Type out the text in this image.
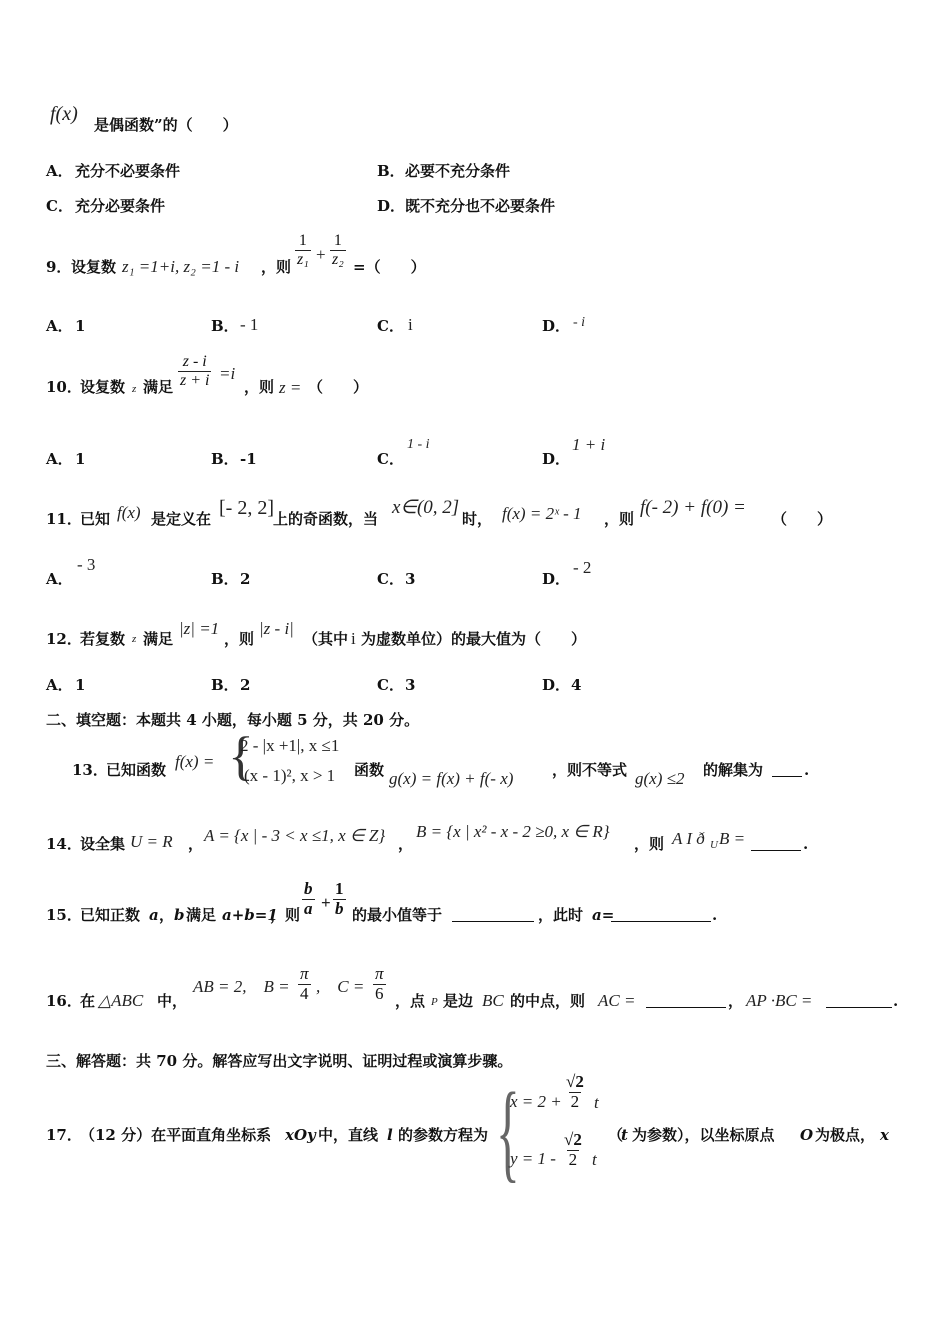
f(x) 是偶函数”的（　　）
A． 充分不必要条件	B． 必要不充分条件
C． 充分必要条件	D． 既不充分也不必要条件
9． 设复数 z₁ =1+i, z₂ =1 - i ，则 $\frac{1}{\text{z₁}} + \frac{1}{\text{z₂}}$ =（　　）
A． 1	B． - 1	C． i	D． - i
10．
设复数 z 满足 $\frac{z - i}{z + i} =i$
，则 z = （　　）
A． 1	B． -1	C．
1 - i
D．
1 + i
11．
已知 f(x) 是定义在 [- 2, 2] 上的奇函数，当
x∈(0, 2]
时， f(x) = 2ˣ - 1 ，则
f(- 2) + f(0) =
（　　）
A．
- 3
B． 2	C． 3	D．
- 2
12．
若复数 z 满足
|z| =1
，则
|z - i|
（其中 i 为虚数单位）的最大值为（　　）
A． 1	B． 2	C． 3	D． 4
二、填空题：本题共 4 小题，每小题 5 分，共 20 分。
13．
已知函数 f(x) = {
2 - |x +1|, x ≤1
(x - 1)², x > 1 函数 g(x) = f(x) + f(- x)	，则不等式 g(x) ≤2 的解集为	.
14．
设全集 U = R ， A = {x | - 3 < x ≤1, x ∈ Z} ，
B = {x | x² - x - 2 ≥0, x ∈ R}
，则 A I ð U B =	.
15．
已知正数 a ， b 满足 a+b=1
，则 $\frac{b}{a} + \frac{1}{b}$ 的最小值等于	，此时 a=	.
16．
在 △ABC 中，
AB = 2,　$B = \frac{\pi}{4}$ ,　$C = \frac{\pi}{6}$ ，点 P 是边 BC 的中点，则 AC =	， AP ·BC =	.
三、解答题：共 70 分。解答应写出文字说明、证明过程或演算步骤。
17．
（12 分）在平面直角坐标系 xOy 中，直线 l 的参数方程为 {
$x = 2 + \frac{√2}{2}$ t
$y = 1 - \frac{√2}{2}$ t
（
t 为参数），以坐标原点 O 为极点， x
